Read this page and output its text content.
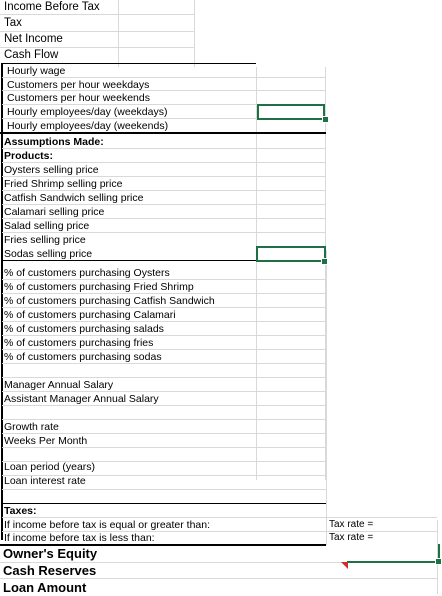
Income Before Tax
Tax
Net Income
Cash Flow
Hourly wage
Customers per hour weekdays
Customers per hour weekends
Hourly employees/day (weekdays)
Hourly employees/day (weekends)
Assumptions Made:
Products:
Oysters selling price
Fried Shrimp selling price
Catfish Sandwich selling price
Calamari selling price
Salad selling price
Fries selling price
Sodas selling price
% of customers purchasing Oysters
% of customers purchasing Fried Shrimp
% of customers purchasing Catfish Sandwich
% of customers purchasing Calamari
% of customers purchasing salads
% of customers purchasing fries
% of customers purchasing sodas
Manager Annual Salary
Assistant Manager Annual Salary
Growth rate
Weeks Per Month
Loan period (years)
Loan interest rate
Taxes:
If income before tax is equal or greater than:
If income before tax is less than:
Tax rate =
Tax rate =
Owner's Equity
Cash Reserves
Loan Amount
